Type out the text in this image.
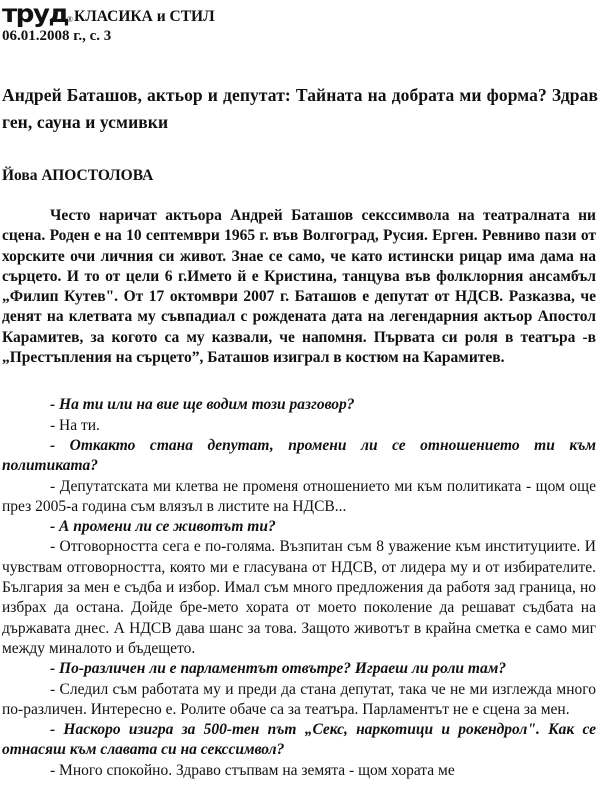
труд
® КЛАСИКА и СТИЛ
06.01.2008 г., с. 3
Андрей Баташов, актьор и депутат: Тайната на добрата ми форма? Здрав ген, сауна и усмивки
Йова АПОСТОЛОВА

Често наричат актьора Андрей Баташов секссимвола на театралната ни сцена. Роден е на 10 септември 1965 г. във Волгоград, Русия. Ерген. Ревниво пази от хорските очи личния си живот. Знае се само, че като истински рицар има дама на сърцето. И то от цели 6 г.Името й е Кристина, танцува във фолклорния ансамбъл „Филип Кутев". От 17 октомври 2007 г. Баташов е депутат от НДСВ. Разказва, че денят на клетвата му съвпадиал с рождената дата на легендарния актьор Апостол Карамитев, за когото са му казвали, че напомня. Първата си роля в театъра -в „Престъпления на сърцето”, Баташов изиграл в костюм на Карамитев.

- На ти или на вие ще водим този разговор?

- На ти.

- Откакто стана депутат, промени ли се отношението ти към политиката?

- Депутатската ми клетва не променя отношението ми към политиката - щом още през 2005-а година съм влязъл в листите на НДСВ...

- А промени ли се животът ти?

- Отговорността сега е по-голяма. Възпитан съм 8 уважение към институциите. И чувствам отговорността, която ми е гласувана от НДСВ, от лидера му и от избирателите. България за мен е съдба и избор. Имал съм много предложения да работя зад граница, но избрах да остана. Дойде бре-мето хората от моето поколение да решават съдбата на държавата днес. А НДСВ дава шанс за това. Защото животът в крайна сметка е само миг между миналото и бъдещето.

- По-различен ли е парламентът отвътре? Играеш ли роли там?

- Следил съм работата му и преди да стана депутат, така че не ми изглежда много по-различен. Интересно е. Ролите обаче са за театъра. Парламентът не е сцена за мен.

- Наскоро изигра за 500-тен път „Секс, наркотици и рокендрол". Как се отнасяш към славата си на секссимвол?

- Много спокойно. Здраво стъпвам на земята - щом хората ме
